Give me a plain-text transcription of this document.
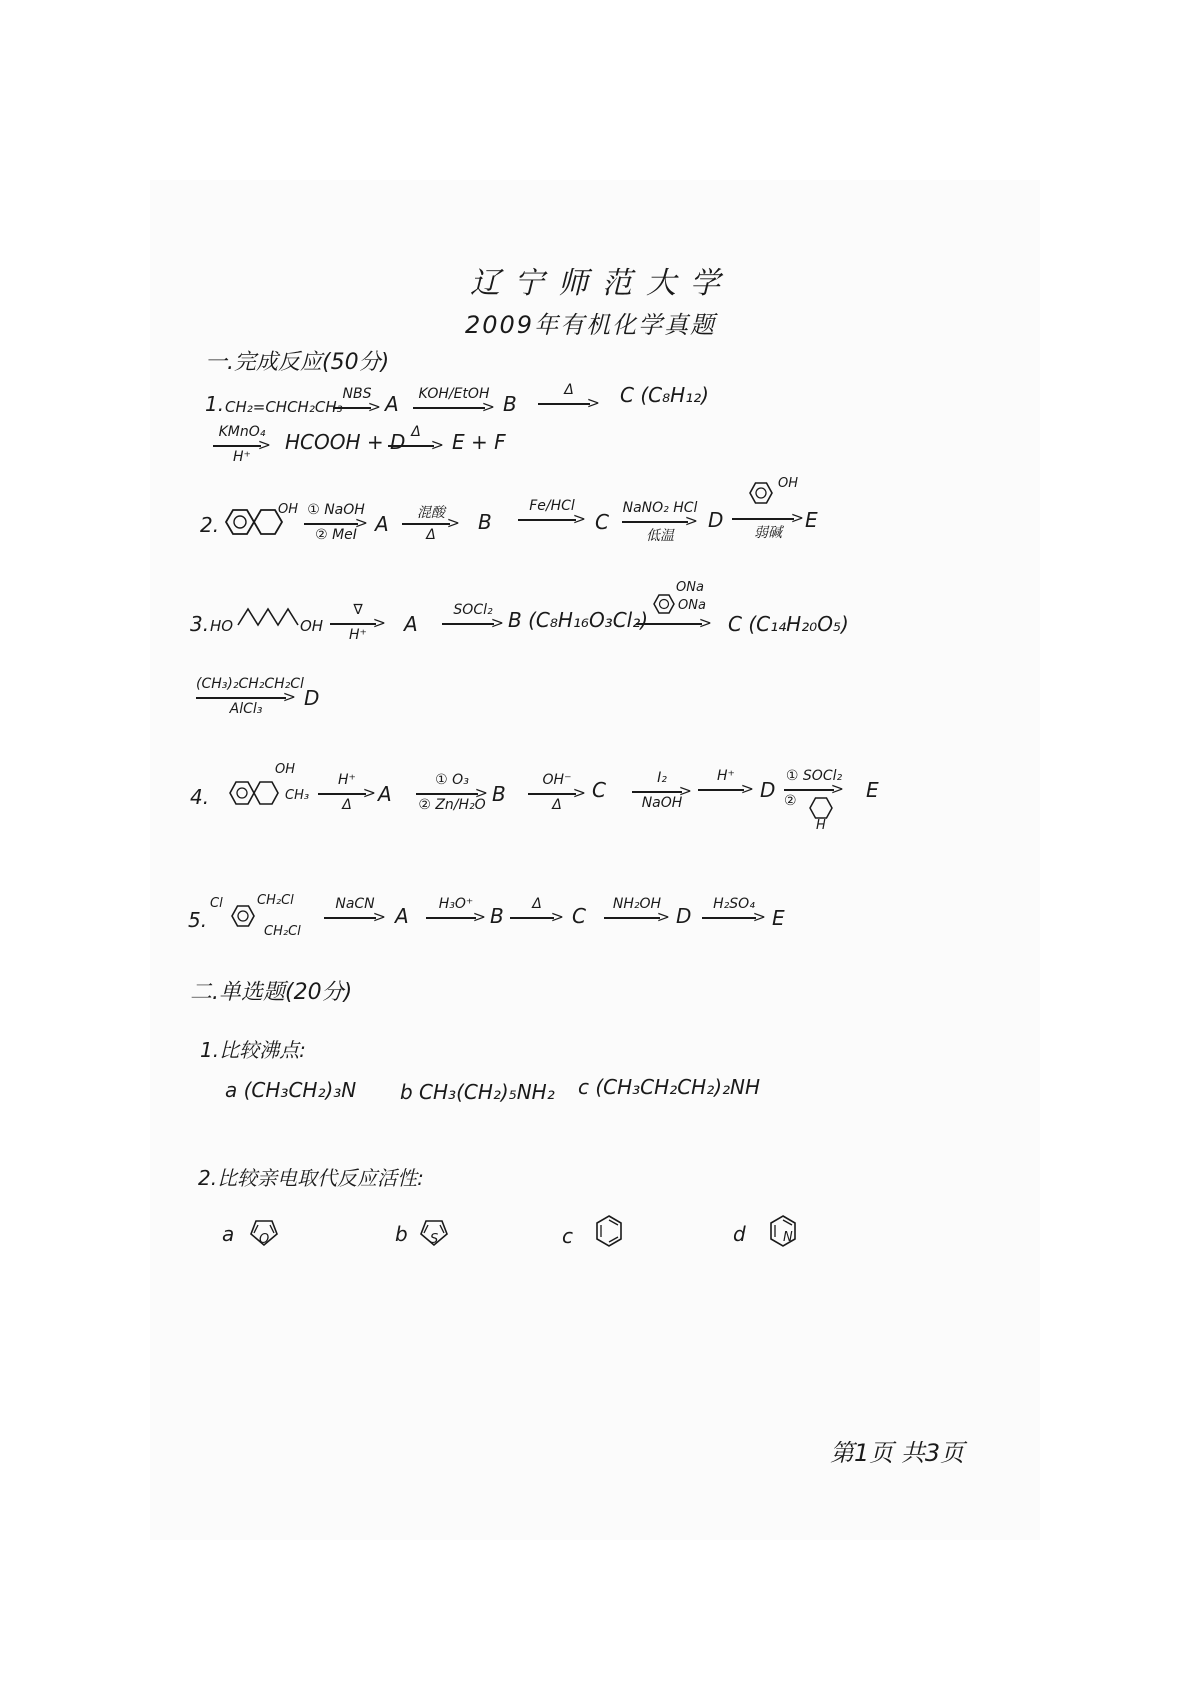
辽宁师范大学
2009年有机化学真题
一.完成反应(50分)
1. CH₂=CHCH₂CH₃ >
NBS A	>
KOH/EtOH B	>
Δ	C (C₈H₁₂)
>
KMnO₄
H⁺
HCOOH + D >
Δ	E + F
2.
OH
>
① NaOH
② MeI A	>
混酸
Δ
B	>
Fe/HCl
C	>
NaNO₂ HCl
低温
D
OH
>
弱碱
E
3. HO	OH	>
∇
H⁺	A	>
SOCl₂ B (C₈H₁₆O₃Cl₂)
ONa
ONa
> C (C₁₄H₂₀O₅)
>
(CH₃)₂CH₂CH₂Cl
AlCl₃	D
4.
OH
CH₃	>
H⁺
Δ	A	>
① O₃
② Zn/H₂O B	>
OH⁻
Δ
C	>
I₂
NaOH
>
H⁺
D	>
① SOCl₂
②
H
E
5.
Cl	CH₂Cl
CH₂Cl
>
NaCN	A	>
H₃O⁺ B	>
Δ	C	>
NH₂OH D	>
H₂SO₄
E
二.单选题(20分)
1.比较沸点:
a (CH₃CH₂)₃N b CH₃(CH₂)₅NH₂ c (CH₃CH₂CH₂)₂NH
2.比较亲电取代反应活性:
a O	b S	c	d	N
第1页 共3页
